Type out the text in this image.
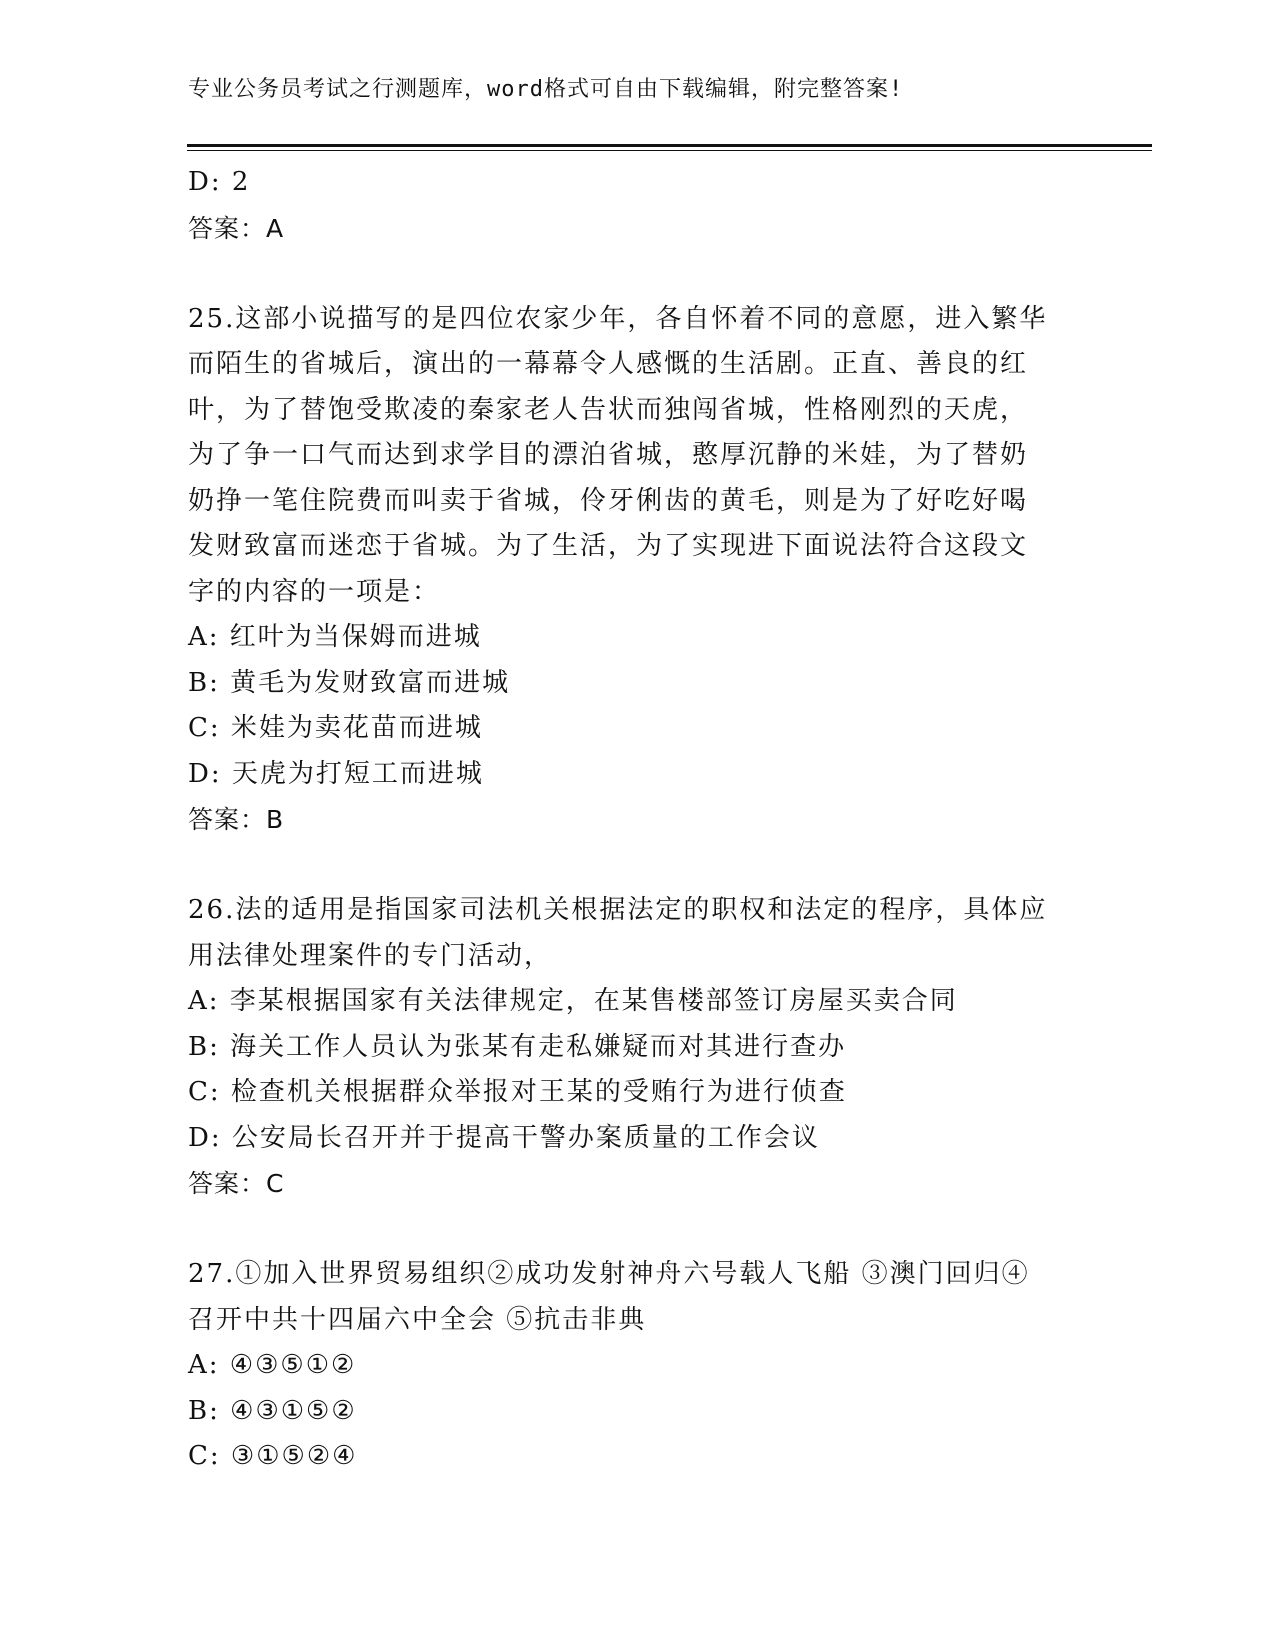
专业公务员考试之行测题库，word格式可自由下载编辑，附完整答案!
D: 2
答案：A
25.这部小说描写的是四位农家少年，各自怀着不同的意愿，进入繁华
而陌生的省城后，演出的一幕幕令人感慨的生活剧。正直、善良的红
叶，为了替饱受欺凌的秦家老人告状而独闯省城，性格刚烈的天虎，
为了争一口气而达到求学目的漂泊省城，憨厚沉静的米娃，为了替奶
奶挣一笔住院费而叫卖于省城，伶牙俐齿的黄毛，则是为了好吃好喝
发财致富而迷恋于省城。为了生活，为了实现进下面说法符合这段文
字的内容的一项是：
A: 红叶为当保姆而进城
B: 黄毛为发财致富而进城
C: 米娃为卖花苗而进城
D: 天虎为打短工而进城
答案：B
26.法的适用是指国家司法机关根据法定的职权和法定的程序，具体应
用法律处理案件的专门活动，
A: 李某根据国家有关法律规定，在某售楼部签订房屋买卖合同
B: 海关工作人员认为张某有走私嫌疑而对其进行查办
C: 检查机关根据群众举报对王某的受贿行为进行侦查
D: 公安局长召开并于提高干警办案质量的工作会议
答案：C
27.①加入世界贸易组织②成功发射神舟六号载人飞船 ③澳门回归④
召开中共十四届六中全会 ⑤抗击非典
A: ④③⑤①②
B: ④③①⑤②
C: ③①⑤②④
